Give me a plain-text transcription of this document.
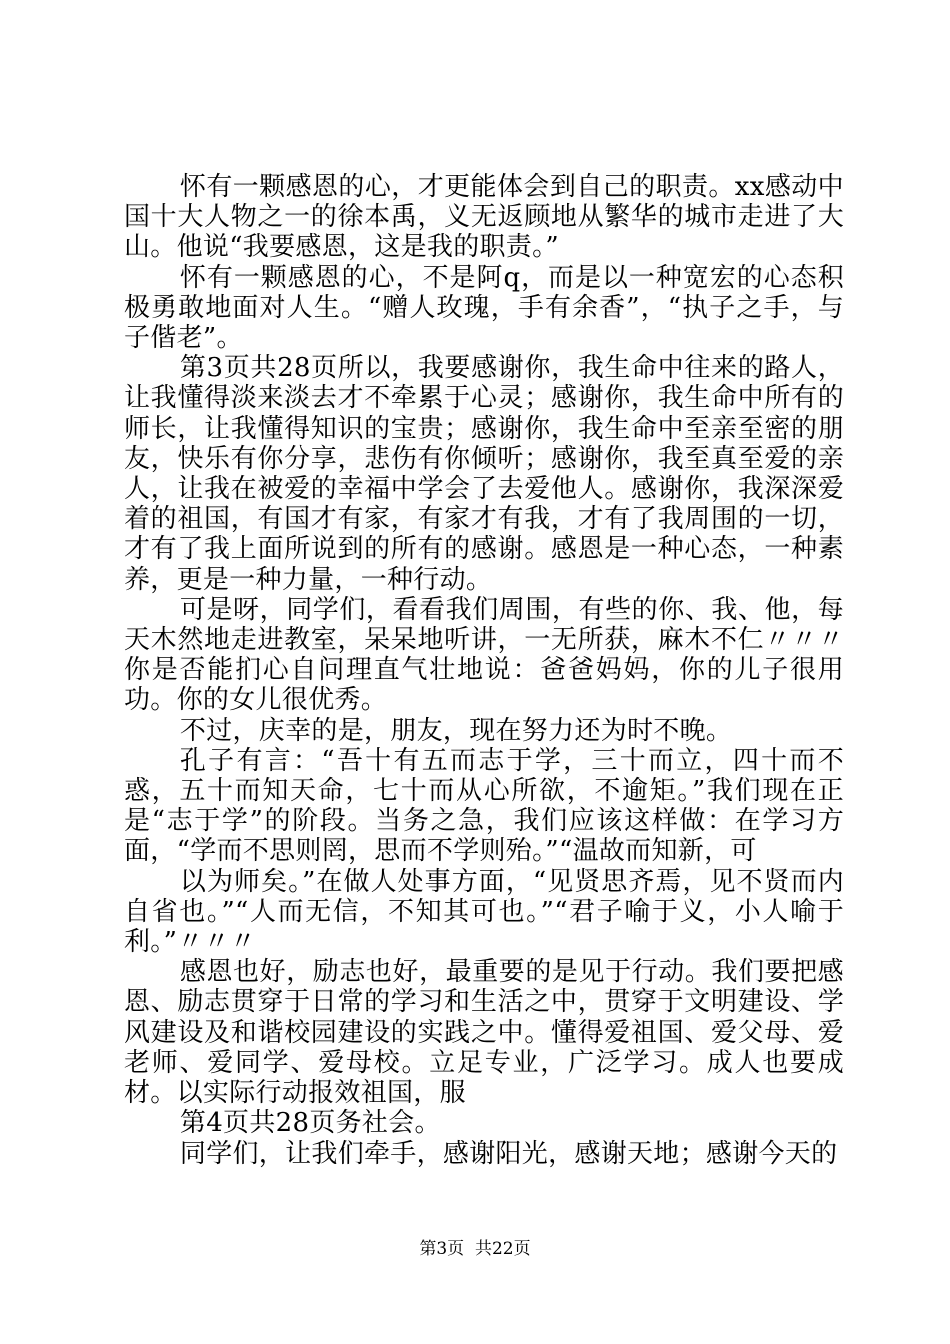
怀有一颗感恩的心，才更能体会到自己的职责。xx感动中国十大人物之一的徐本禹，义无返顾地从繁华的城市走进了大山。他说“我要感恩，这是我的职责。”

怀有一颗感恩的心，不是阿q，而是以一种宽宏的心态积极勇敢地面对人生。“赠人玫瑰，手有余香”，“执子之手，与子偕老”。

第3页共28页所以，我要感谢你，我生命中往来的路人，让我懂得淡来淡去才不牵累于心灵；感谢你，我生命中所有的师长，让我懂得知识的宝贵；感谢你，我生命中至亲至密的朋友，快乐有你分享，悲伤有你倾听；感谢你，我至真至爱的亲人，让我在被爱的幸福中学会了去爱他人。感谢你，我深深爱着的祖国，有国才有家，有家才有我，才有了我周围的一切，才有了我上面所说到的所有的感谢。感恩是一种心态，一种素养，更是一种力量，一种行动。

可是呀，同学们，看看我们周围，有些的你、我、他，每天木然地走进教室，呆呆地听讲，一无所获，麻木不仁〃〃〃你是否能扪心自问理直气壮地说：爸爸妈妈，你的儿子很用功。你的女儿很优秀。

不过，庆幸的是，朋友，现在努力还为时不晚。

孔子有言：“吾十有五而志于学，三十而立，四十而不惑，五十而知天命，七十而从心所欲，不逾矩。”我们现在正是“志于学”的阶段。当务之急，我们应该这样做：在学习方面，“学而不思则罔，思而不学则殆。”“温故而知新，可

以为师矣。”在做人处事方面，“见贤思齐焉，见不贤而内自省也。”“人而无信，不知其可也。”“君子喻于义，小人喻于利。”〃〃〃

感恩也好，励志也好，最重要的是见于行动。我们要把感恩、励志贯穿于日常的学习和生活之中，贯穿于文明建设、学风建设及和谐校园建设的实践之中。懂得爱祖国、爱父母、爱老师、爱同学、爱母校。立足专业，广泛学习。成人也要成材。以实际行动报效祖国，服

第4页共28页务社会。

同学们，让我们牵手，感谢阳光，感谢天地；感谢今天的

第3页  共22页
